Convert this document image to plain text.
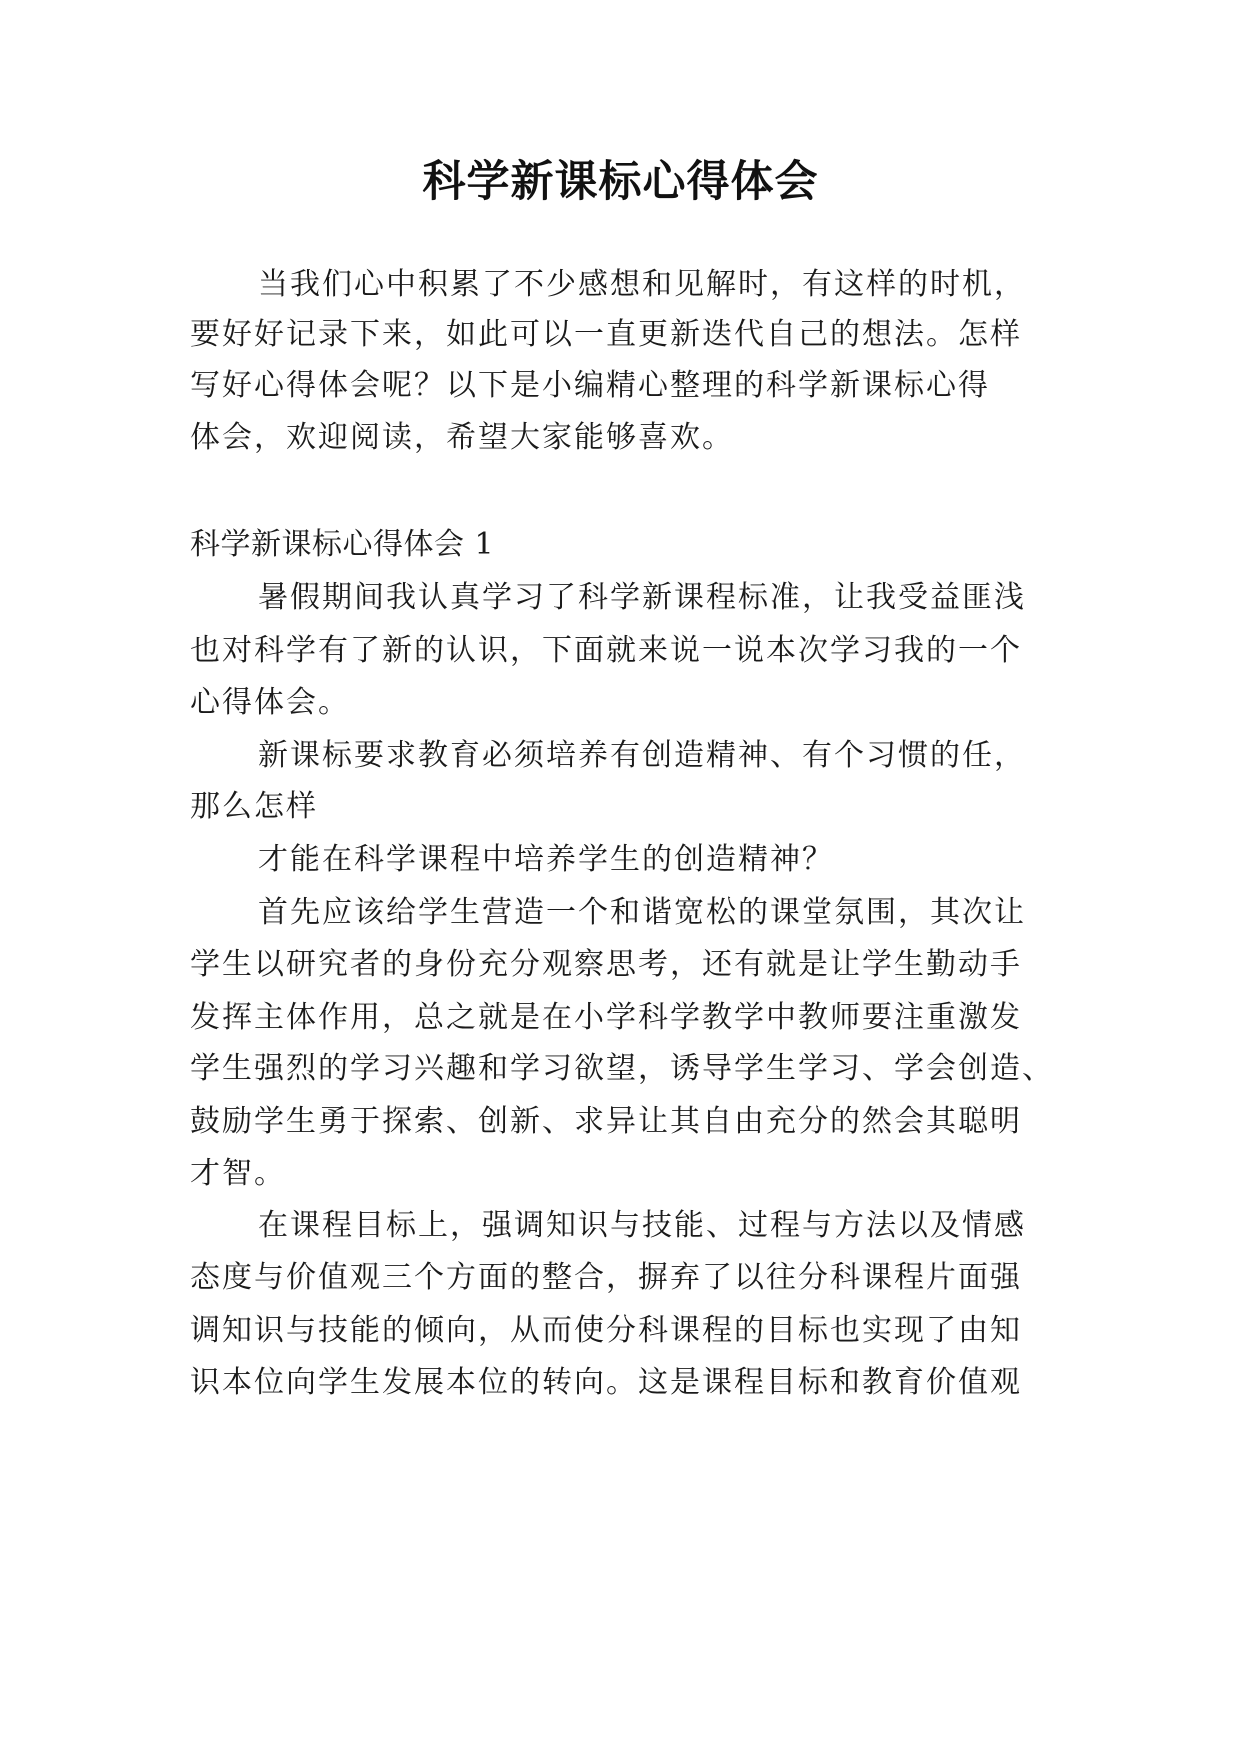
科学新课标心得体会
当我们心中积累了不少感想和见解时，有这样的时机，
要好好记录下来，如此可以一直更新迭代自己的想法。怎样
写好心得体会呢？以下是小编精心整理的科学新课标心得
体会，欢迎阅读，希望大家能够喜欢。
科学新课标心得体会 1
暑假期间我认真学习了科学新课程标准，让我受益匪浅
也对科学有了新的认识，下面就来说一说本次学习我的一个
心得体会。
新课标要求教育必须培养有创造精神、有个习惯的任，
那么怎样
才能在科学课程中培养学生的创造精神？
首先应该给学生营造一个和谐宽松的课堂氛围，其次让
学生以研究者的身份充分观察思考，还有就是让学生勤动手
发挥主体作用，总之就是在小学科学教学中教师要注重激发
学生强烈的学习兴趣和学习欲望，诱导学生学习、学会创造、
鼓励学生勇于探索、创新、求异让其自由充分的然会其聪明
才智。
在课程目标上，强调知识与技能、过程与方法以及情感
态度与价值观三个方面的整合，摒弃了以往分科课程片面强
调知识与技能的倾向，从而使分科课程的目标也实现了由知
识本位向学生发展本位的转向。这是课程目标和教育价值观
